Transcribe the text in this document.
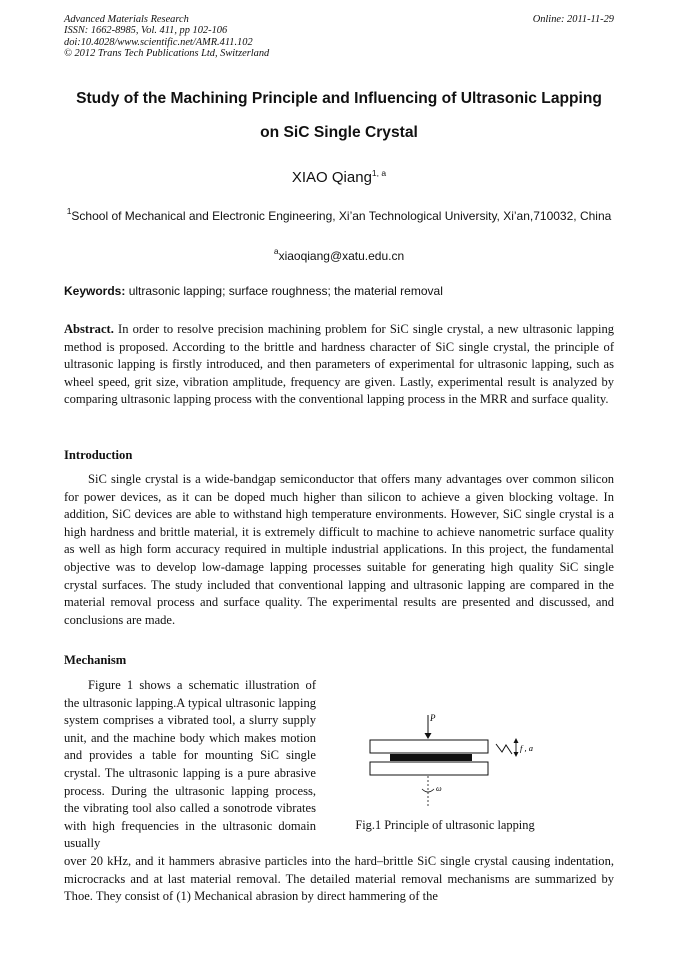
Advanced Materials Research
ISSN: 1662-8985, Vol. 411, pp 102-106
doi:10.4028/www.scientific.net/AMR.411.102
© 2012 Trans Tech Publications Ltd, Switzerland
Online: 2011-11-29
Study of the Machining Principle and Influencing of Ultrasonic Lapping
on SiC Single Crystal
XIAO Qiang$^{1, a}$
$^1$School of Mechanical and Electronic Engineering, Xi’an Technological University, Xi’an,710032, China
$^a$xiaoqiang@xatu.edu.cn
Keywords: ultrasonic lapping; surface roughness; the material removal
Abstract. In order to resolve precision machining problem for SiC single crystal, a new ultrasonic lapping method is proposed. According to the brittle and hardness character of SiC single crystal, the principle of ultrasonic lapping is firstly introduced, and then parameters of experimental for ultrasonic lapping, such as wheel speed, grit size, vibration amplitude, frequency are given. Lastly, experimental result is analyzed by comparing ultrasonic lapping process with the conventional lapping process in the MRR and surface quality.
Introduction
SiC single crystal is a wide-bandgap semiconductor that offers many advantages over common silicon for power devices, as it can be doped much higher than silicon to achieve a given blocking voltage. In addition, SiC devices are able to withstand high temperature environments. However, SiC single crystal is a high hardness and brittle material, it is extremely difficult to machine to achieve nanometric surface quality as well as high form accuracy required in multiple industrial applications. In this project, the fundamental objective was to develop low-damage lapping processes suitable for generating high quality SiC single crystal surfaces. The study included that conventional lapping and ultrasonic lapping are compared in the material removal process and surface quality. The experimental results are presented and discussed, and conclusions are made.
Mechanism
Figure 1 shows a schematic illustration of the ultrasonic lapping.A typical ultrasonic lapping system comprises a vibrated tool, a slurry supply unit, and the machine body which makes motion and provides a table for mounting SiC single crystal. The ultrasonic lapping is a pure abrasive process. During the ultrasonic lapping process, the vibrating tool also called a sonotrode vibrates with high frequencies in the ultrasonic domain usually
over 20 kHz, and it hammers abrasive particles into the hard–brittle SiC single crystal causing indentation, microcracks and at last material removal. The detailed material removal mechanisms are summarized by Thoe. They consist of (1) Mechanical abrasion by direct hammering of the
P
ω
f , a
Fig.1 Principle of ultrasonic lapping
